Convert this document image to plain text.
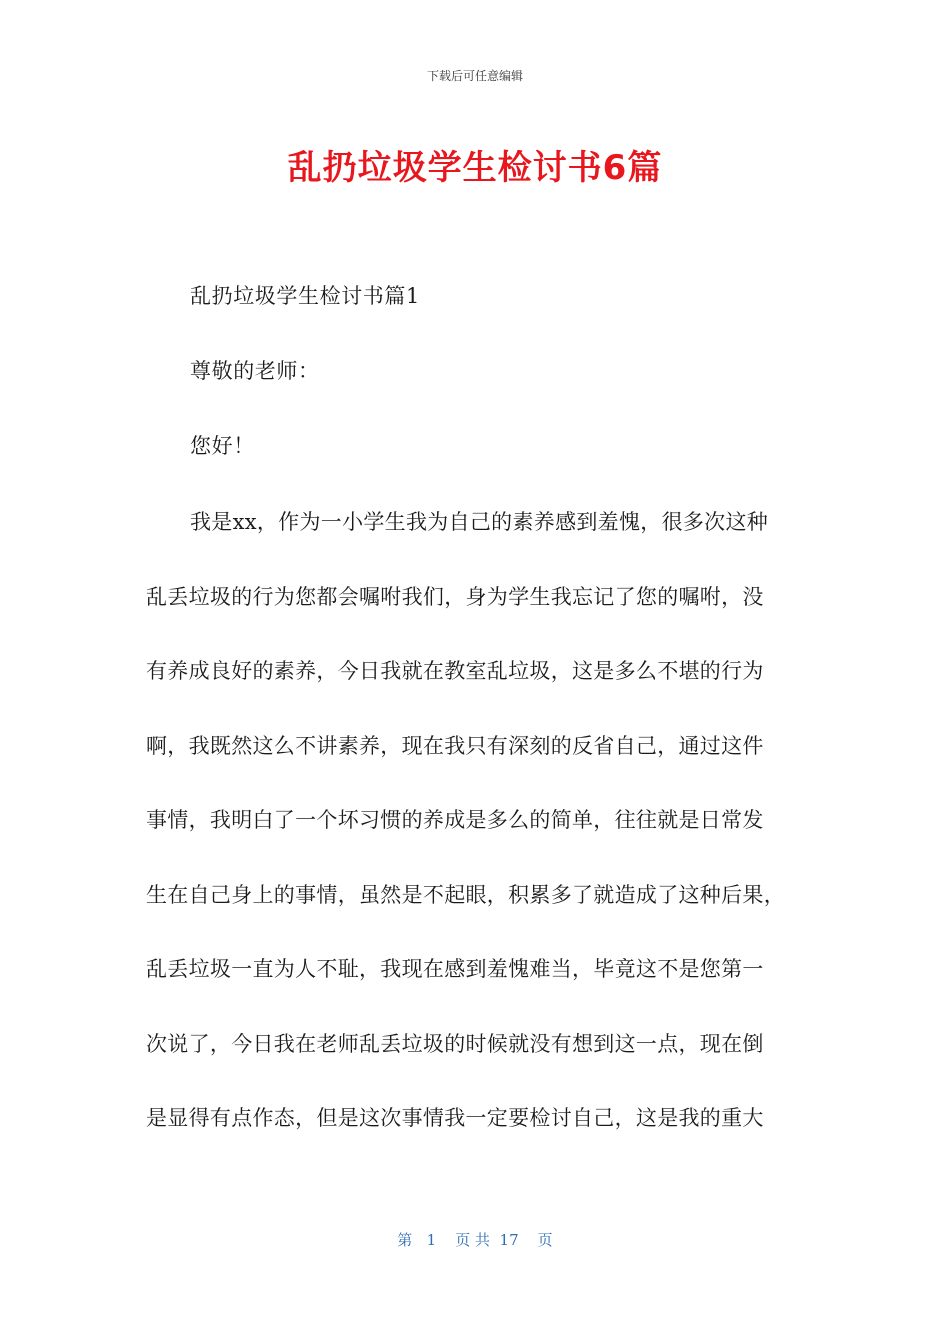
下载后可任意编辑
乱扔垃圾学生检讨书6篇

乱扔垃圾学生检讨书篇1

尊敬的老师：

您好！

我是xx，作为一小学生我为自己的素养感到羞愧，很多次这种
乱丢垃圾的行为您都会嘱咐我们，身为学生我忘记了您的嘱咐，没
有养成良好的素养，今日我就在教室乱垃圾，这是多么不堪的行为
啊，我既然这么不讲素养，现在我只有深刻的反省自己，通过这件
事情，我明白了一个坏习惯的养成是多么的简单，往往就是日常发
生在自己身上的事情，虽然是不起眼，积累多了就造成了这种后果，
乱丢垃圾一直为人不耻，我现在感到羞愧难当，毕竟这不是您第一
次说了，今日我在老师乱丢垃圾的时候就没有想到这一点，现在倒
是显得有点作态，但是这次事情我一定要检讨自己，这是我的重大
第   1    页 共  17    页
